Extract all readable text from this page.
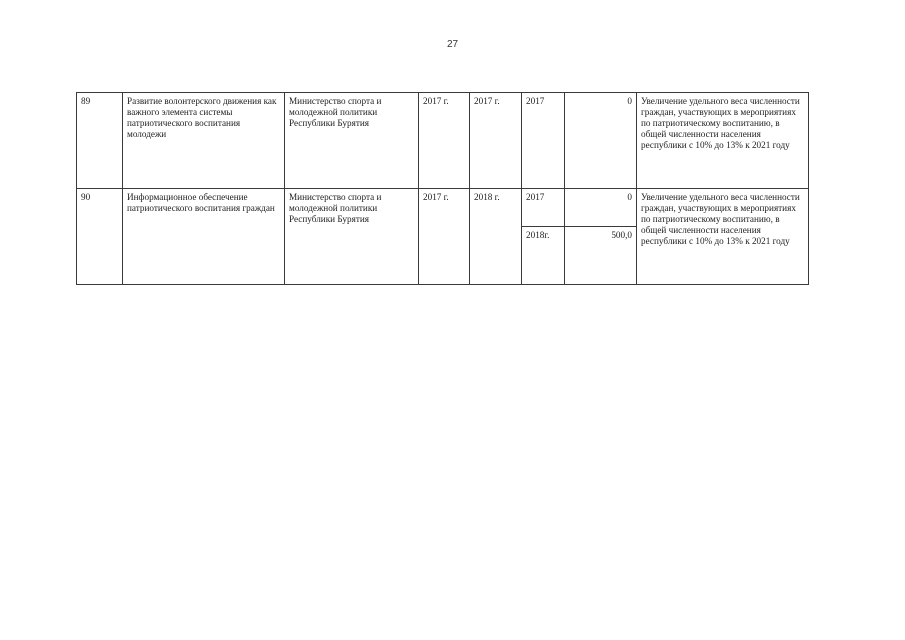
27
89	Развитие волонтерского движения как важного элемента системы патриотического воспитания молодежи	Министерство спорта и молодежной политики Республики Бурятия	2017 г.	2017 г.	2017	0	Увеличение удельного веса численности граждан, участвующих в мероприятиях по патриотическому воспитанию, в общей численности населения республики с 10% до 13% к 2021 году
90	Информационное обеспечение патриотического воспитания граждан	Министерство спорта и молодежной политики Республики Бурятия	2017 г.	2018 г.	2017	0	Увеличение удельного веса численности граждан, участвующих в мероприятиях по патриотическому воспитанию, в общей численности населения республики с 10% до 13% к 2021 году
					2018г.	500,0	
